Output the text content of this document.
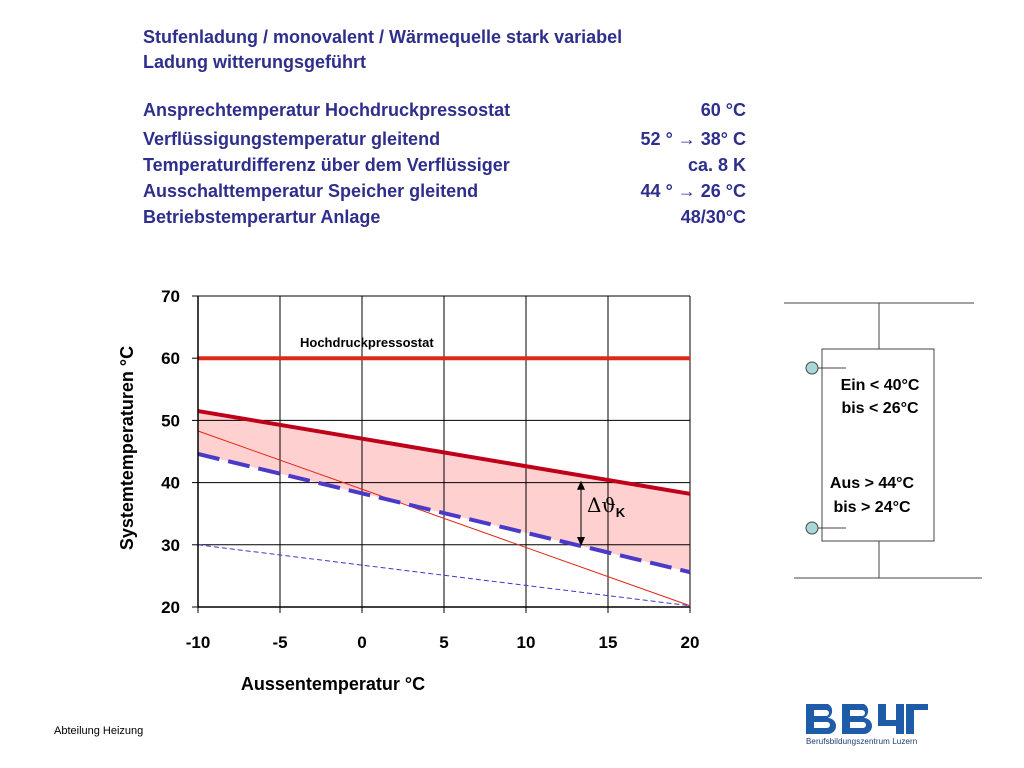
Stufenladung / monovalent / Wärmequelle stark variabel
Ladung witterungsgeführt
Ansprechtemperatur Hochdruckpressostat	60 °C
Verflüssigungstemperatur gleitend	52 ° → 38° C
Temperaturdifferenz über dem Verflüssiger	ca. 8 K
Ausschalttemperatur Speicher gleitend	44 ° → 26 °C
Betriebstemperartur Anlage	48/30°C
-10	-5	0	5	10	15	20
20
30
40
50
60
70
Aussentemperatur °C
Systemtemperaturen °C
Hochdruckpressostat
$\Delta ϑ_K$
Ein < 40°C
bis < 26°C
Aus > 44°C
bis > 24°C
Abteilung Heizung
Berufsbildungszentrum Luzern
